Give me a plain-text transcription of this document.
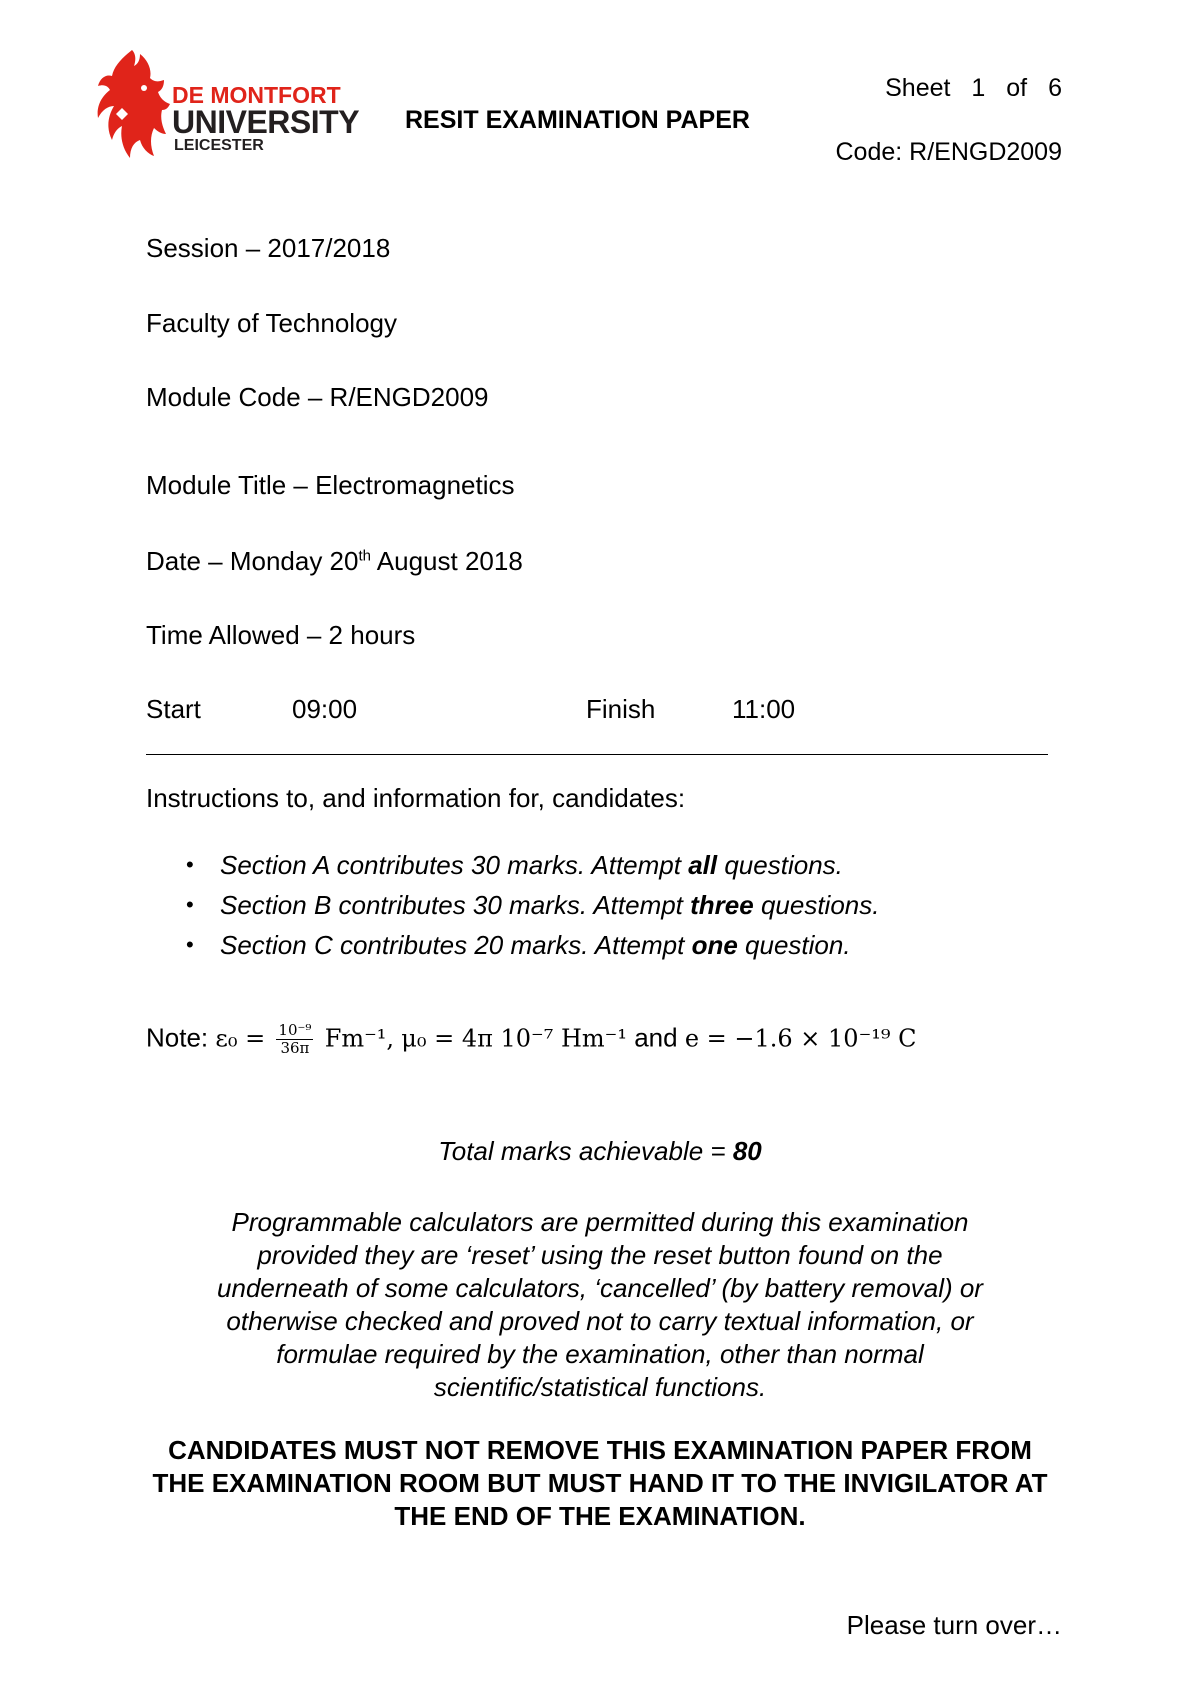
DE MONTFORT
UNIVERSITY
LEICESTER
Sheet 1 of 6
RESIT EXAMINATION PAPER
Code: R/ENGD2009
Session – 2017/2018
Faculty of Technology
Module Code – R/ENGD2009
Module Title – Electromagnetics
Date – Monday 20th August 2018
Time Allowed – 2 hours
Start	09:00	Finish	11:00
Instructions to, and information for, candidates:
• Section A contributes 30 marks. Attempt all questions.
• Section B contributes 30 marks. Attempt three questions.
• Section C contributes 20 marks. Attempt one question.
Note: $\varepsilon_0 = \frac{\text{10⁻⁹}}{36\pi} Fm^{-1}$, μ₀ = 4π 10⁻⁷ Hm⁻¹ and e = −1.6 × 10⁻¹⁹ C
Total marks achievable = 80
Programmable calculators are permitted during this examination provided they are ‘reset’ using the reset button found on the underneath of some calculators, ‘cancelled’ (by battery removal) or otherwise checked and proved not to carry textual information, or formulae required by the examination, other than normal scientific/statistical functions.
CANDIDATES MUST NOT REMOVE THIS EXAMINATION PAPER FROM THE EXAMINATION ROOM BUT MUST HAND IT TO THE INVIGILATOR AT THE END OF THE EXAMINATION.
Please turn over…
